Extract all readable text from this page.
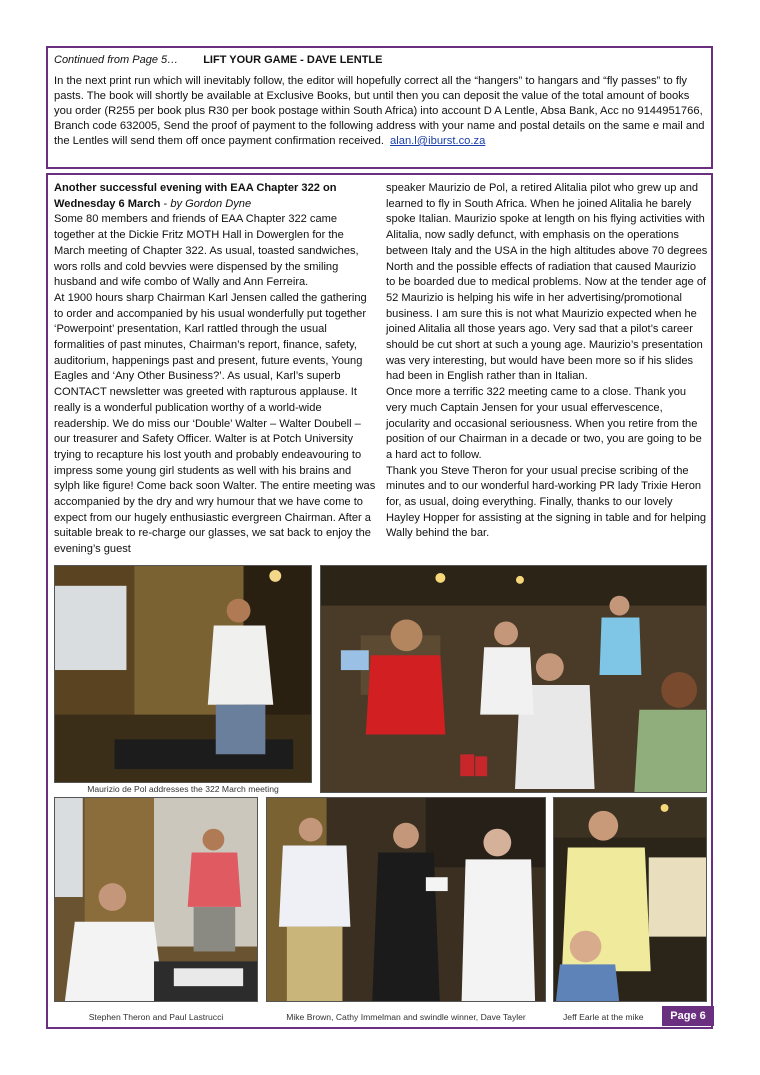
Continued from Page 5… LIFT YOUR GAME - DAVE LENTLE

In the next print run which will inevitably follow, the editor will hopefully correct all the “hangers” to hangars and “fly passes” to fly pasts. The book will shortly be available at Exclusive Books, but until then you can deposit the value of the total amount of books you order (R255 per book plus R30 per book postage within South Africa) into account D A Lentle, Absa Bank, Acc no 9144951766, Branch code 632005, Send the proof of payment to the following address with your name and postal details on the same e mail and the Lentles will send them off once payment confirmation received. alan.l@iburst.co.za

Another successful evening with EAA Chapter 322 on Wednesday 6 March - by Gordon Dyne

Some 80 members and friends of EAA Chapter 322 came together at the Dickie Fritz MOTH Hall in Dowerglen for the March meeting of Chapter 322. As usual, toasted sandwiches, wors rolls and cold bevvies were dispensed by the smiling husband and wife combo of Wally and Ann Ferreira.

At 1900 hours sharp Chairman Karl Jensen called the gathering to order and accompanied by his usual wonderfully put together ‘Powerpoint’ presentation, Karl rattled through the usual formalities of past minutes, Chairman’s report, finance, safety, auditorium, happenings past and present, future events, Young Eagles and ‘Any Other Business?’. As usual, Karl’s superb CONTACT newsletter was greeted with rapturous applause. It really is a wonderful publication worthy of a world-wide readership. We do miss our ‘Double’ Walter – Walter Doubell – our treasurer and Safety Officer. Walter is at Potch University trying to recapture his lost youth and probably endeavouring to impress some young girl students as well with his brains and sylph like figure! Come back soon Walter. The entire meeting was accompanied by the dry and wry humour that we have come to expect from our hugely enthusiastic evergreen Chairman. After a suitable break to re-charge our glasses, we sat back to enjoy the evening’s guest

speaker Maurizio de Pol, a retired Alitalia pilot who grew up and learned to fly in South Africa. When he joined Alitalia he barely spoke Italian. Maurizio spoke at length on his flying activities with Alitalia, now sadly defunct, with emphasis on the operations between Italy and the USA in the high altitudes above 70 degrees North and the possible effects of radiation that caused Maurizio to be boarded due to medical problems. Now at the tender age of 52 Maurizio is helping his wife in her advertising/promotional business. I am sure this is not what Maurizio expected when he joined Alitalia all those years ago. Very sad that a pilot’s career should be cut short at such a young age. Maurizio’s presentation was very interesting, but would have been more so if his slides had been in English rather than in Italian.

Once more a terrific 322 meeting came to a close. Thank you very much Captain Jensen for your usual effervescence, jocularity and occasional seriousness. When you retire from the position of our Chairman in a decade or two, you are going to be a hard act to follow.

Thank you Steve Theron for your usual precise scribing of the minutes and to our wonderful hard-working PR lady Trixie Heron for, as usual, doing everything. Finally, thanks to our lovely Hayley Hopper for assisting at the signing in table and for helping Wally behind the bar.

Maurizio de Pol addresses the 322 March meeting
Stephen Theron and Paul Lastrucci	Mike Brown, Cathy Immelman and swindle winner, Dave Tayler	Jeff Earle at the mike	Page 6
